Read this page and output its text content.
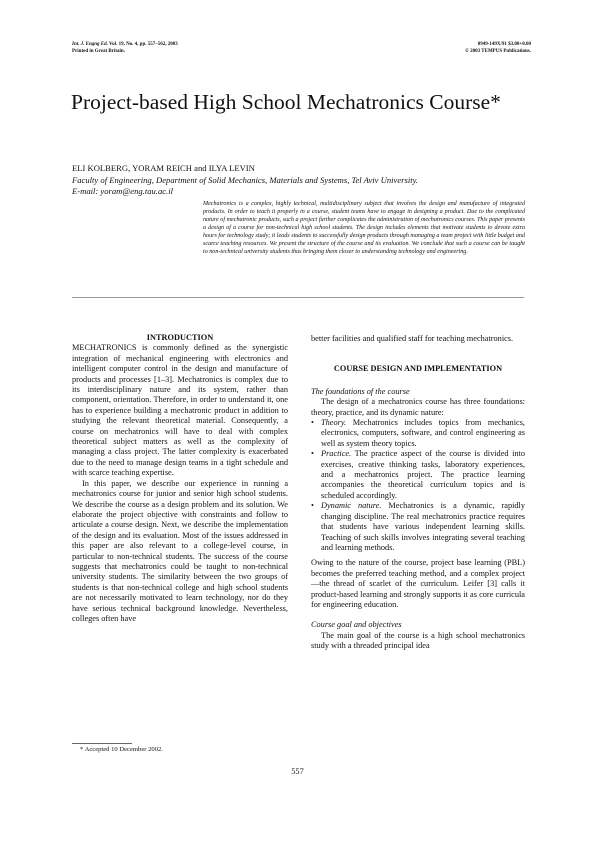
Int. J. Engng Ed. Vol. 19, No. 4, pp. 557–562, 2003
Printed in Great Britain.
0949-149X/91 $3.00+0.00
© 2003 TEMPUS Publications.
Project-based High School Mechatronics Course*
ELI KOLBERG, YORAM REICH and ILYA LEVIN
Faculty of Engineering, Department of Solid Mechanics, Materials and Systems, Tel Aviv University.
E-mail: yoram@eng.tau.ac.il

Mechatronics is a complex, highly technical, multidisciplinary subject that involves the design and manufacture of integrated products. In order to teach it properly in a course, student teams have to engage in designing a product. Due to the complicated nature of mechatronic products, such a project further complicates the administration of mechatronics courses. This paper presents a design of a course for non-technical high school students. The design includes elements that motivate students to devote extra hours for technology study; it leads students to successfully design products through managing a team project with little budget and scarce teaching resources. We present the structure of the course and its evaluation. We conclude that such a course can be taught to non-technical university students thus bringing them closer to understanding technology and engineering.

INTRODUCTION

MECHATRONICS is commonly defined as the synergistic integration of mechanical engineering with electronics and intelligent computer control in the design and manufacture of products and processes [1–3]. Mechatronics is complex due to its interdisciplinary nature and its system, rather than component, orientation. Therefore, in order to understand it, one has to experience building a mechatronic product in addition to studying the relevant theoretical material. Consequently, a course on mechatronics will have to deal with complex theoretical subject matters as well as the complexity of managing a class project. The latter complexity is exacerbated due to the need to manage design teams in a tight schedule and with scarce teaching expertise.

In this paper, we describe our experience in running a mechatronics course for junior and senior high school students. We describe the course as a design problem and its solution. We elaborate the project objective with constraints and follow to articulate a course design. Next, we describe the implementation of the design and its evaluation. Most of the issues addressed in this paper are also relevant to a college-level course, in particular to non-technical students. The success of the course suggests that mechatronics could be taught to non-technical university students. The similarity between the two groups of students is that non-technical college and high school students are not necessarily motivated to learn technology, nor do they have serious technical background knowledge. Nevertheless, colleges often have

better facilities and qualified staff for teaching mechatronics.

COURSE DESIGN AND IMPLEMENTATION

The foundations of the course

The design of a mechatronics course has three foundations: theory, practice, and its dynamic nature:

• Theory. Mechatronics includes topics from mechanics, electronics, computers, software, and control engineering as well as system theory topics.
• Practice. The practice aspect of the course is divided into exercises, creative thinking tasks, laboratory experiences, and a mechatronics project. The practice learning accompanies the theoretical curriculum topics and is scheduled accordingly.
• Dynamic nature. Mechatronics is a dynamic, rapidly changing discipline. The real mechatronics practice requires that students have various independent learning skills. Teaching of such skills involves integrating several teaching and learning methods.

Owing to the nature of the course, project base learning (PBL) becomes the preferred teaching method, and a complex project—the thread of scarlet of the curriculum. Leifer [3] calls it product-based learning and strongly supports it as core curricula for engineering education.

Course goal and objectives

The main goal of the course is a high school mechatronics study with a threaded principal idea

* Accepted 10 December 2002.
557
